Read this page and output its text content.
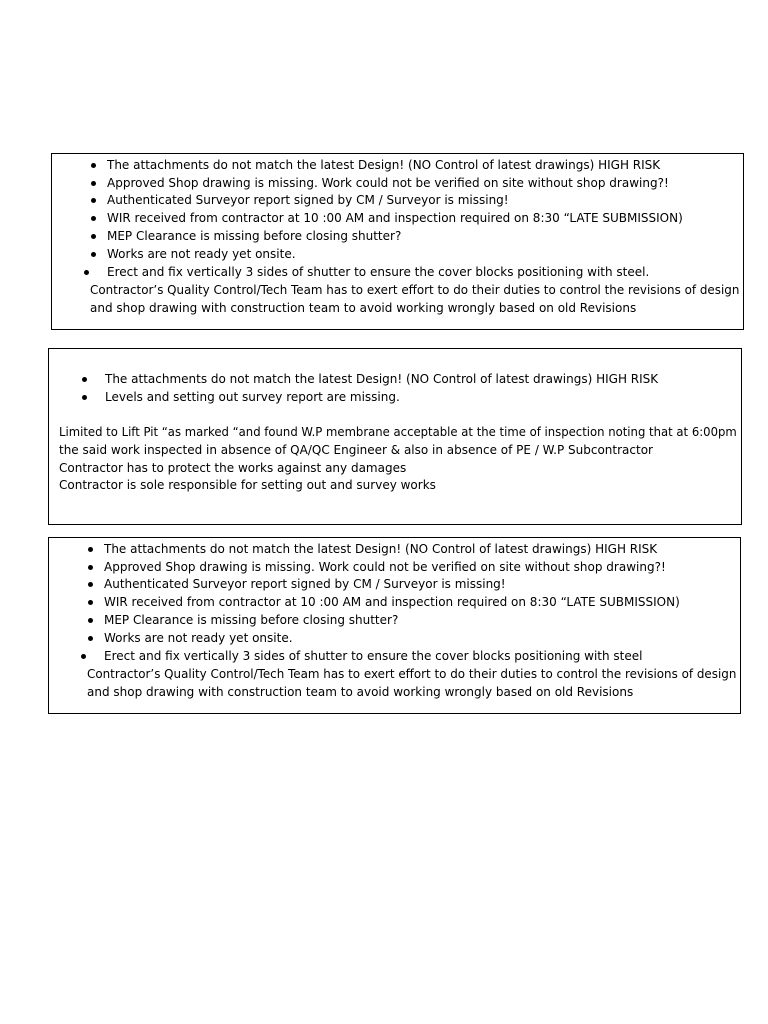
The attachments do not match the latest Design! (NO Control of latest drawings) HIGH RISK
Approved Shop drawing is missing. Work could not be verified on site without shop drawing?!
Authenticated Surveyor report signed by CM / Surveyor is missing!
WIR received from contractor at 10 :00 AM and inspection required on 8:30 “LATE SUBMISSION)
MEP Clearance is missing before closing shutter?
Works are not ready yet onsite.
Erect and fix vertically 3 sides of shutter to ensure the cover blocks positioning with steel.
Contractor’s Quality Control/Tech Team has to exert effort to do their duties to control the revisions of design
and shop drawing with construction team to avoid working wrongly based on old Revisions
The attachments do not match the latest Design! (NO Control of latest drawings) HIGH RISK
Levels and setting out survey report are missing.
Limited to Lift Pit “as marked “and found W.P membrane acceptable at the time of inspection noting that at 6:00pm
the said work inspected in absence of QA/QC Engineer & also in absence of PE / W.P Subcontractor
Contractor has to protect the works against any damages
Contractor is sole responsible for setting out and survey works
The attachments do not match the latest Design! (NO Control of latest drawings) HIGH RISK
Approved Shop drawing is missing. Work could not be verified on site without shop drawing?!
Authenticated Surveyor report signed by CM / Surveyor is missing!
WIR received from contractor at 10 :00 AM and inspection required on 8:30 “LATE SUBMISSION)
MEP Clearance is missing before closing shutter?
Works are not ready yet onsite.
Erect and fix vertically 3 sides of shutter to ensure the cover blocks positioning with steel
Contractor’s Quality Control/Tech Team has to exert effort to do their duties to control the revisions of design
and shop drawing with construction team to avoid working wrongly based on old Revisions
